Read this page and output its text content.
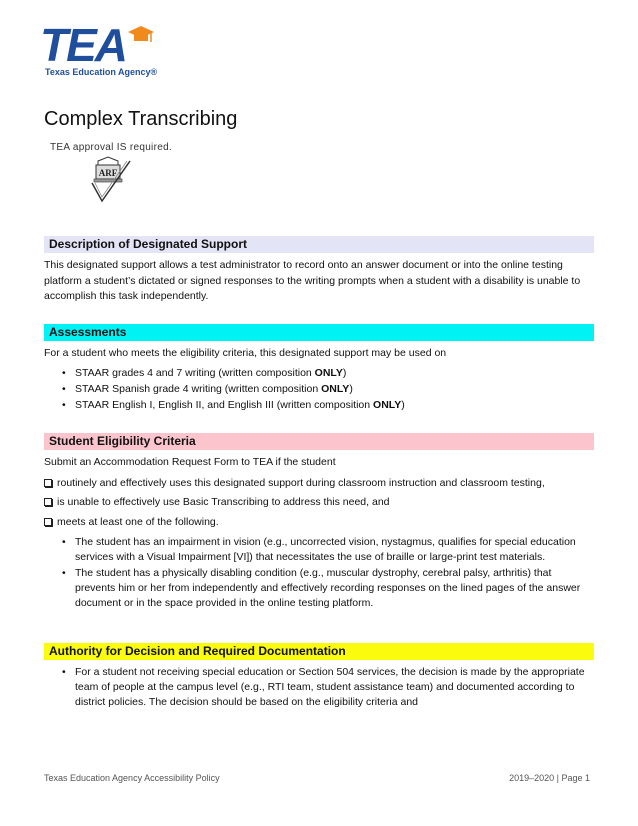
TEA
Texas Education Agency®
Complex Transcribing
TEA approval IS required.
ARF
Description of Designated Support
This designated support allows a test administrator to record onto an answer document or into the online testing platform a student’s dictated or signed responses to the writing prompts when a student with a disability is unable to accomplish this task independently.
Assessments
For a student who meets the eligibility criteria, this designated support may be used on
• STAAR grades 4 and 7 writing (written composition ONLY)
• STAAR Spanish grade 4 writing (written composition ONLY)
• STAAR English I, English II, and English III (written composition ONLY)
Student Eligibility Criteria
Submit an Accommodation Request Form to TEA if the student
routinely and effectively uses this designated support during classroom instruction and classroom testing,
is unable to effectively use Basic Transcribing to address this need, and
meets at least one of the following.
• The student has an impairment in vision (e.g., uncorrected vision, nystagmus, qualifies for special education services with a Visual Impairment [VI]) that necessitates the use of braille or large-print test materials.
• The student has a physically disabling condition (e.g., muscular dystrophy, cerebral palsy, arthritis) that prevents him or her from independently and effectively recording responses on the lined pages of the answer document or in the space provided in the online testing platform.
Authority for Decision and Required Documentation
• For a student not receiving special education or Section 504 services, the decision is made by the appropriate team of people at the campus level (e.g., RTI team, student assistance team) and documented according to district policies. The decision should be based on the eligibility criteria and
Texas Education Agency Accessibility Policy	2019–2020 | Page 1
